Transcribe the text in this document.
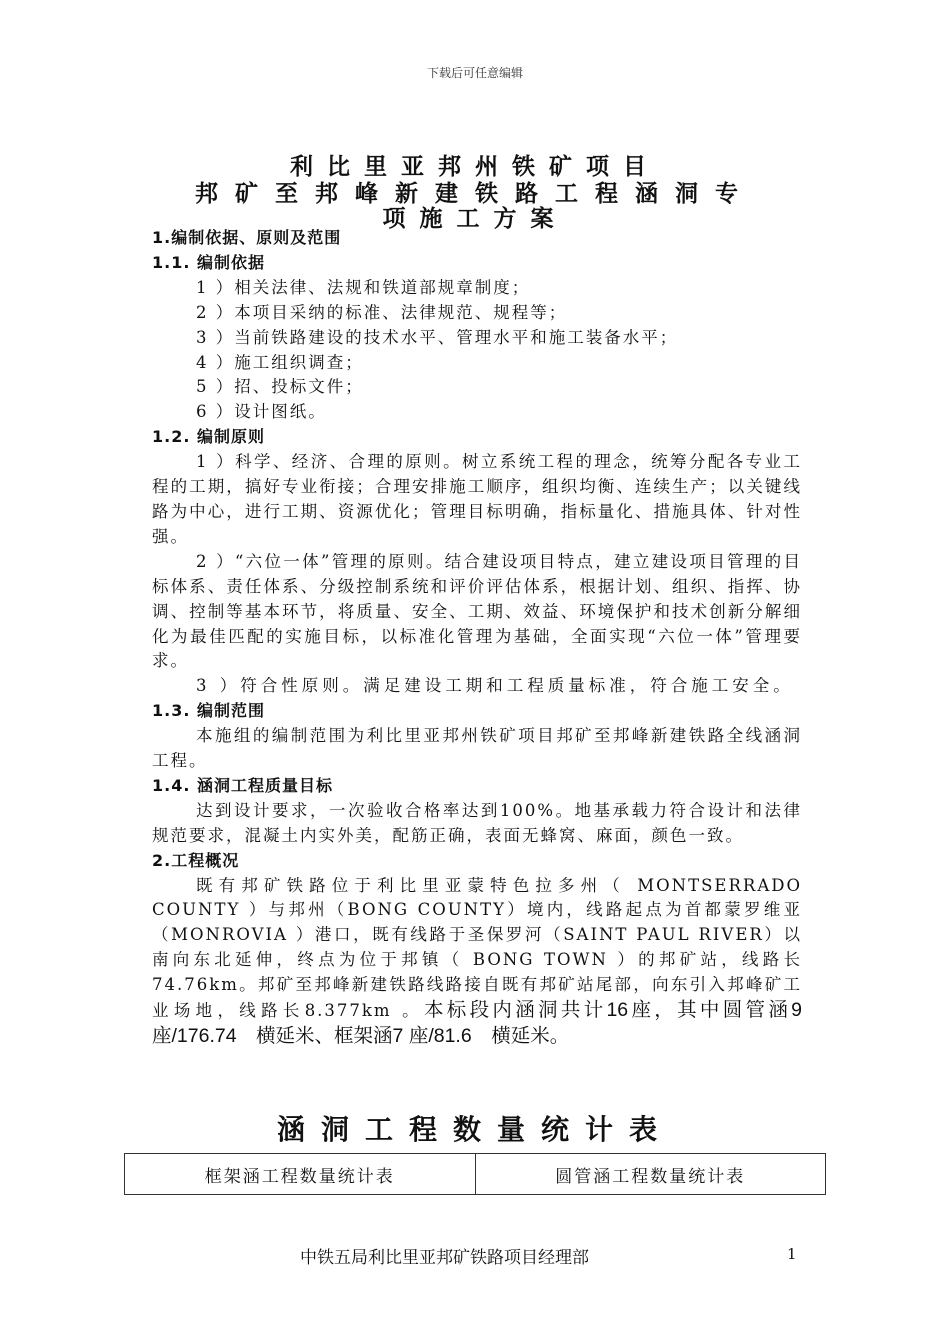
下载后可任意编辑
利比里亚邦州铁矿项目
邦矿至邦峰新建铁路工程涵洞专
项施工方案
1.编制依据、原则及范围
1.1. 编制依据
1 ）相关法律、法规和铁道部规章制度；
2 ）本项目采纳的标准、法律规范、规程等；
3 ）当前铁路建设的技术水平、管理水平和施工装备水平；
4 ）施工组织调查；
5 ）招、投标文件；
6 ）设计图纸。
1.2. 编制原则
1 ）科学、经济、合理的原则。树立系统工程的理念，统筹分配各专业工程的工期，搞好专业衔接；合理安排施工顺序，组织均衡、连续生产；以关键线路为中心，进行工期、资源优化；管理目标明确，指标量化、措施具体、针对性强。
2 ）“六位一体”管理的原则。结合建设项目特点，建立建设项目管理的目标体系、责任体系、分级控制系统和评价评估体系，根据计划、组织、指挥、协调、控制等基本环节，将质量、安全、工期、效益、环境保护和技术创新分解细化为最佳匹配的实施目标，以标准化管理为基础，全面实现“六位一体”管理要求。
3 ）符合性原则。满足建设工期和工程质量标准，符合施工安全。
1.3. 编制范围
本施组的编制范围为利比里亚邦州铁矿项目邦矿至邦峰新建铁路全线涵洞工程。
1.4. 涵洞工程质量目标
达到设计要求，一次验收合格率达到100%。地基承载力符合设计和法律规范要求，混凝土内实外美，配筋正确，表面无蜂窝、麻面，颜色一致。
2.工程概况
既有邦矿铁路位于利比里亚蒙特色拉多州（ MONTSERRADO COUNTY ）与邦州（BONG COUNTY）境内，线路起点为首都蒙罗维亚（MONROVIA ）港口，既有线路于圣保罗河（SAINT PAUL RIVER）以南向东北延伸，终点为位于邦镇（ BONG TOWN ）的邦矿站，线路长74.76km。邦矿至邦峰新建铁路线路接自既有邦矿站尾部，向东引入邦峰矿工业场地，线路长8.377km 。本标段内涵洞共计16座，其中圆管涵9 座/176.74　横延米、框架涵7 座/81.6　横延米。
涵洞工程数量统计表
框架涵工程数量统计表	圆管涵工程数量统计表
中铁五局利比里亚邦矿铁路项目经理部	1
